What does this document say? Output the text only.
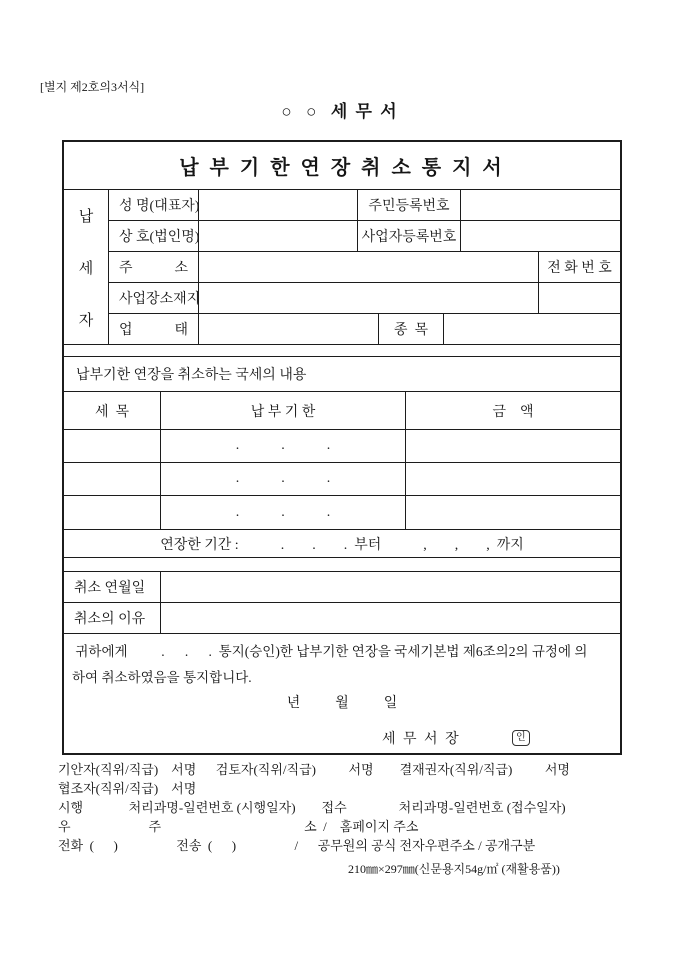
[별지 제2호의3서식]
○  ○  세 무 서
납 부 기 한 연 장 취 소 통 지 서
납
세
자
성 명(대표자)	주민등록번호
상 호(법인명)	사업자등록번호
주            소	전 화 번 호
사업장소재지
업            태	종  목
납부기한 연장을 취소하는 국세의 내용
세  목	납 부 기 한	금    액
.            .            .
.            .            .
.            .            .
연장한 기간 :            .        .        .  부터            ,        ,        ,  까지
취소 연월일
취소의 이유
귀하에게          .      .      .  통지(승인)한 납부기한 연장을 국세기본법 제6조의2의 규정에 의
하여 취소하였음을 통지합니다.
년          월          일
세 무 서 장	인
기안자(직위/직급)    서명      검토자(직위/직급)          서명        결재권자(직위/직급)          서명
협조자(직위/직급)    서명
시행              처리과명-일련번호 (시행일자)        접수                처리과명-일련번호 (접수일자)
우                        주                                            소  /    홈페이지 주소
전화  (      )                  전송  (      )                  /      공무원의 공식 전자우편주소 / 공개구분
210㎜×297㎜(신문용지54g/㎡ (재활용품))
